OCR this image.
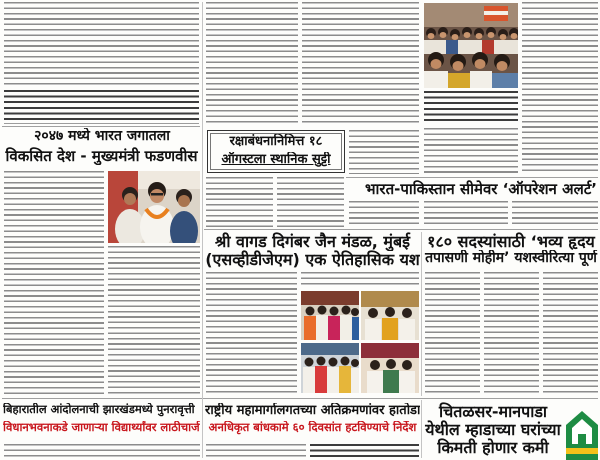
२०४७ मध्ये भारत जगातला
विकसित देश - मुख्यमंत्री फडणवीस
रक्षाबंधनानिमित्त १८
ऑगस्टला स्थानिक सुट्टी
भारत-पाकिस्तान सीमेवर ‘ऑपरेशन अलर्ट’
श्री वागड दिगंबर जैन मंडळ, मुंबई
(एसव्हीडीजेएम) एक ऐतिहासिक यश
१८० सदस्यांसाठी ‘भव्य हृदय
तपासणी मोहीम’ यशस्वीरित्या पूर्ण
बिहारातील आंदोलनाची झारखंडमध्ये पुनरावृत्ती
विधानभवनाकडे जाणाऱ्या विद्यार्थ्यांवर लाठीचार्ज
राष्ट्रीय महामार्गालगतच्या अतिक्रमणांवर हातोडा
अनधिकृत बांधकामे ६० दिवसांत हटविण्याचे निर्देश
चितळसर-मानपाडा
येथील म्हाडाच्या घरांच्या
किमती होणार कमी
